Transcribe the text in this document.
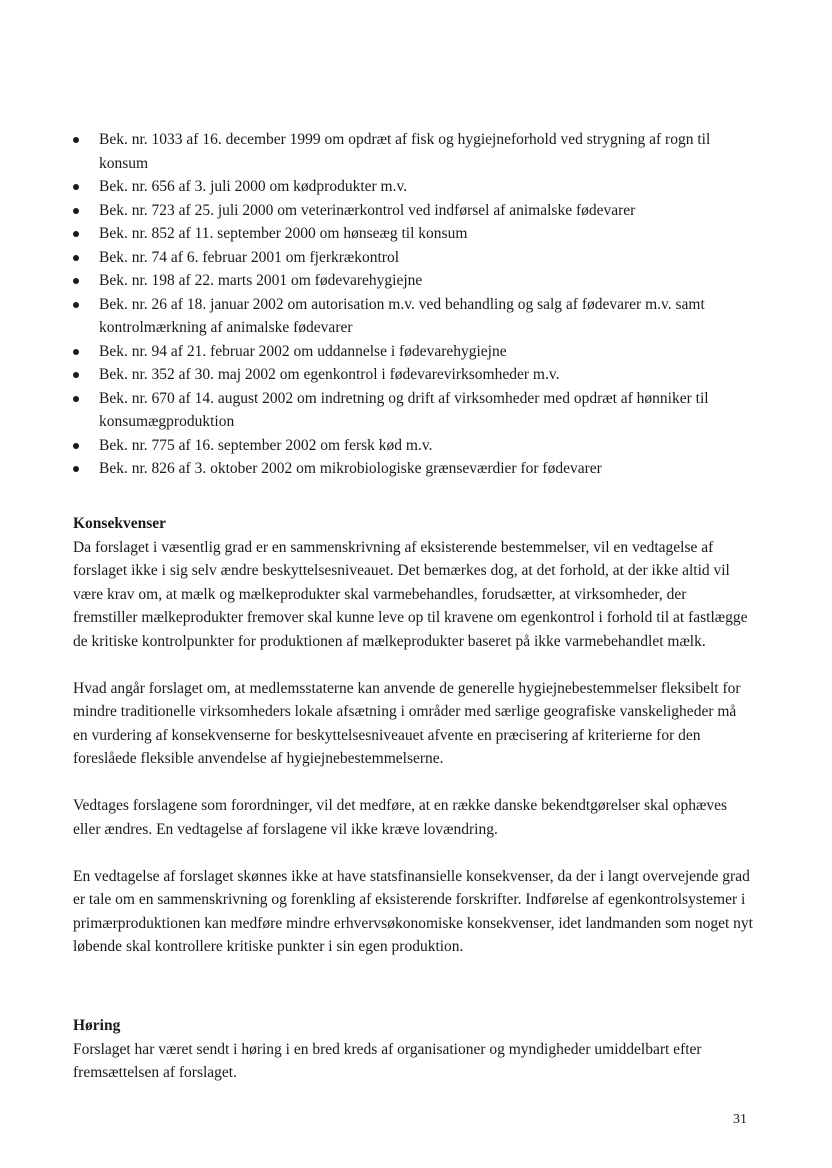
Bek. nr. 1033 af 16. december 1999 om opdræt af fisk og hygiejneforhold ved strygning af rogn til konsum
Bek. nr. 656 af 3. juli 2000 om kødprodukter m.v.
Bek. nr. 723 af 25. juli 2000 om veterinærkontrol ved indførsel af animalske fødevarer
Bek. nr. 852 af 11. september 2000 om hønseæg til konsum
Bek. nr. 74 af 6. februar 2001 om fjerkrækontrol
Bek. nr. 198 af 22. marts 2001 om fødevarehygiejne
Bek. nr. 26 af 18. januar 2002 om autorisation m.v. ved behandling og salg af fødevarer m.v. samt kontrolmærkning af animalske fødevarer
Bek. nr. 94 af 21. februar 2002 om uddannelse i fødevarehygiejne
Bek. nr. 352 af 30. maj 2002 om egenkontrol i fødevarevirksomheder m.v.
Bek. nr. 670 af 14. august 2002 om indretning og drift af virksomheder med opdræt af hønniker til konsumægproduktion
Bek. nr. 775 af 16. september 2002 om fersk kød m.v.
Bek. nr. 826 af 3. oktober 2002 om mikrobiologiske grænseværdier for fødevarer
Konsekvenser

Da forslaget i væsentlig grad er en sammenskrivning af eksisterende bestemmelser, vil en vedtagelse af forslaget ikke i sig selv ændre beskyttelsesniveauet. Det bemærkes dog, at det forhold, at der ikke altid vil være krav om, at mælk og mælkeprodukter skal varmebehandles, forudsætter, at virksomheder, der fremstiller mælkeprodukter fremover skal kunne leve op til kravene om egenkontrol i forhold til at fastlægge de kritiske kontrolpunkter for produktionen af mælkeprodukter baseret på ikke varmebehandlet mælk.

Hvad angår forslaget om, at medlemsstaterne kan anvende de generelle hygiejnebestemmelser fleksibelt for mindre traditionelle virksomheders lokale afsætning i områder med særlige geografiske vanskeligheder må en vurdering af konsekvenserne for beskyttelsesniveauet afvente en præcisering af kriterierne for den foreslåede fleksible anvendelse af hygiejnebestemmelserne.

Vedtages forslagene som forordninger, vil det medføre, at en række danske bekendtgørelser skal ophæves eller ændres. En vedtagelse af forslagene vil ikke kræve lovændring.

En vedtagelse af forslaget skønnes ikke at have statsfinansielle konsekvenser, da der i langt overvejende grad er tale om en sammenskrivning og forenkling af eksisterende forskrifter. Indførelse af egenkontrolsystemer i primærproduktionen kan medføre mindre erhvervsøkonomiske konsekvenser, idet landmanden som noget nyt løbende skal kontrollere kritiske punkter i sin egen produktion.

Høring

Forslaget har været sendt i høring i en bred kreds af organisationer og myndigheder umiddelbart efter fremsættelsen af forslaget.

31
